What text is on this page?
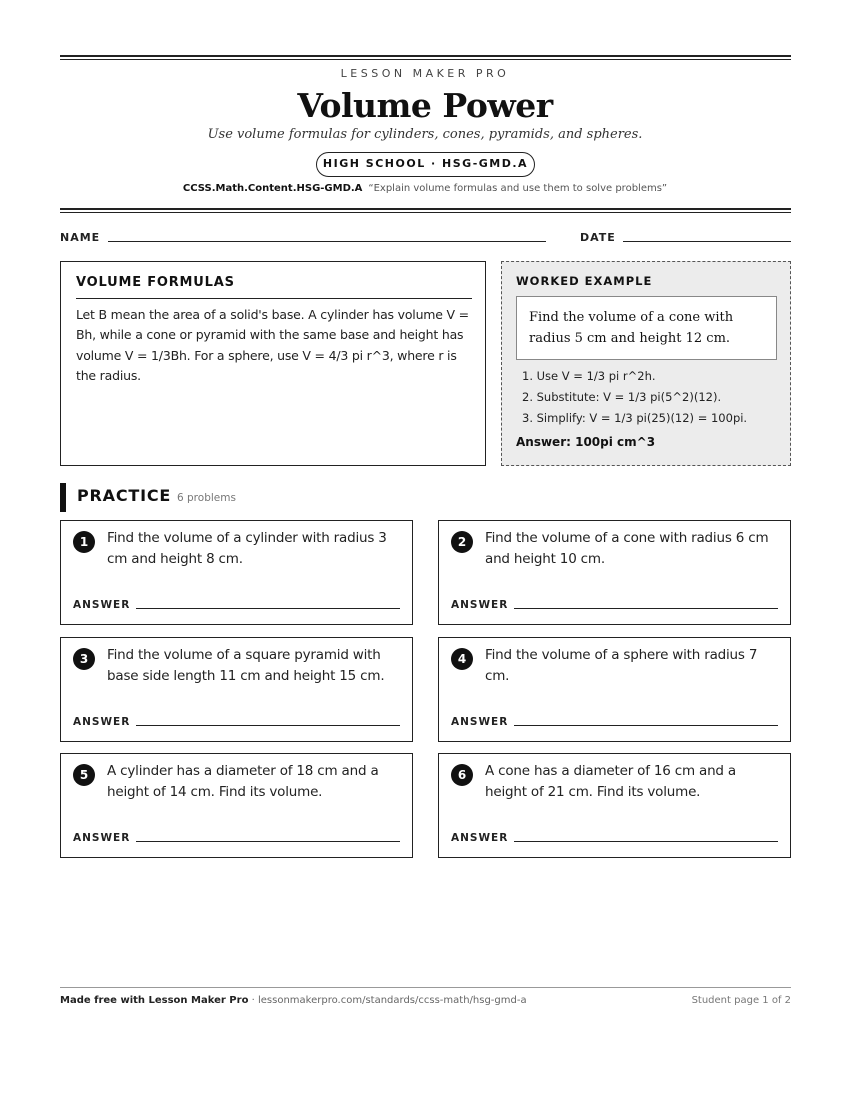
LESSON MAKER PRO
Volume Power
Use volume formulas for cylinders, cones, pyramids, and spheres.
HIGH SCHOOL · HSG-GMD.A
CCSS.Math.Content.HSG-GMD.A “Explain volume formulas and use them to solve problems”
NAME	DATE
VOLUME FORMULAS

Let B mean the area of a solid's base. A cylinder has volume V = Bh, while a cone or pyramid with the same base and height has volume V = 1/3Bh. For a sphere, use V = 4/3 pi r^3, where r is the radius.

WORKED EXAMPLE
Find the volume of a cone with radius 5 cm and height 12 cm.
1. Use V = 1/3 pi r^2h.
2. Substitute: V = 1/3 pi(5^2)(12).
3. Simplify: V = 1/3 pi(25)(12) = 100pi.
Answer: 100pi cm^3
PRACTICE 6 problems
1	Find the volume of a cylinder with radius 3 cm and height 8 cm.
ANSWER
2	Find the volume of a cone with radius 6 cm and height 10 cm.
ANSWER
3	Find the volume of a square pyramid with base side length 11 cm and height 15 cm.
ANSWER
4	Find the volume of a sphere with radius 7 cm.
ANSWER
5	A cylinder has a diameter of 18 cm and a height of 14 cm. Find its volume.
ANSWER
6	A cone has a diameter of 16 cm and a height of 21 cm. Find its volume.
ANSWER
Made free with Lesson Maker Pro · lessonmakerpro.com/standards/ccss-math/hsg-gmd-a	Student page 1 of 2
